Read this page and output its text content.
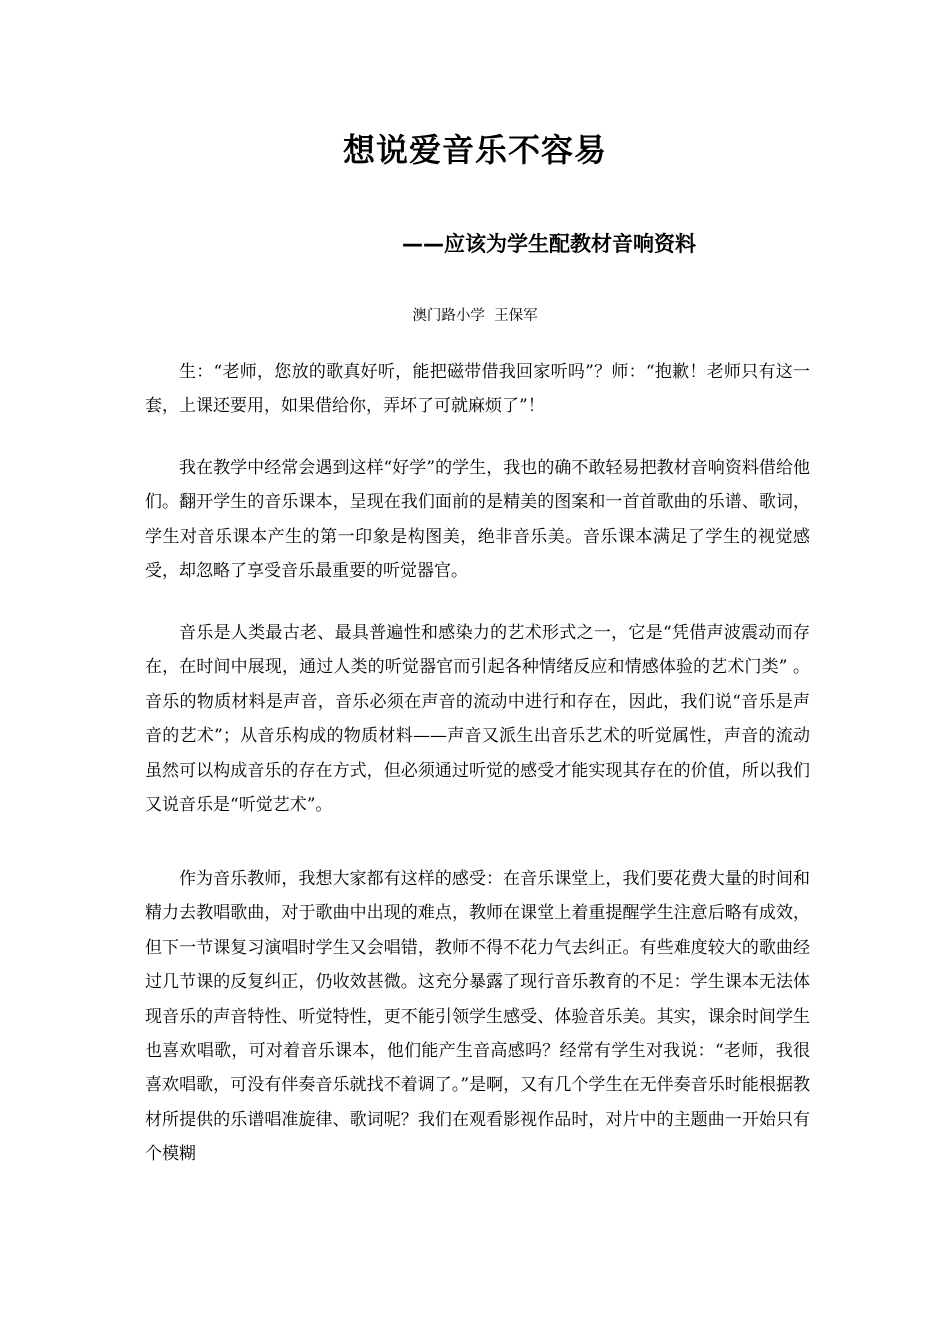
想说爱音乐不容易
——应该为学生配教材音响资料
澳门路小学  王保军

生：“老师，您放的歌真好听，能把磁带借我回家听吗”？师：“抱歉！老师只有这一套，上课还要用，如果借给你，弄坏了可就麻烦了”！

我在教学中经常会遇到这样“好学”的学生，我也的确不敢轻易把教材音响资料借给他们。翻开学生的音乐课本，呈现在我们面前的是精美的图案和一首首歌曲的乐谱、歌词，学生对音乐课本产生的第一印象是构图美，绝非音乐美。音乐课本满足了学生的视觉感受，却忽略了享受音乐最重要的听觉器官。

音乐是人类最古老、最具普遍性和感染力的艺术形式之一，它是“凭借声波震动而存在，在时间中展现，通过人类的听觉器官而引起各种情绪反应和情感体验的艺术门类” 。音乐的物质材料是声音，音乐必须在声音的流动中进行和存在，因此，我们说“音乐是声音的艺术”；从音乐构成的物质材料——声音又派生出音乐艺术的听觉属性，声音的流动虽然可以构成音乐的存在方式，但必须通过听觉的感受才能实现其存在的价值，所以我们又说音乐是“听觉艺术”。

作为音乐教师，我想大家都有这样的感受：在音乐课堂上，我们要花费大量的时间和精力去教唱歌曲，对于歌曲中出现的难点，教师在课堂上着重提醒学生注意后略有成效，但下一节课复习演唱时学生又会唱错，教师不得不花力气去纠正。有些难度较大的歌曲经过几节课的反复纠正，仍收效甚微。这充分暴露了现行音乐教育的不足：学生课本无法体现音乐的声音特性、听觉特性，更不能引领学生感受、体验音乐美。其实，课余时间学生也喜欢唱歌，可对着音乐课本，他们能产生音高感吗？经常有学生对我说：“老师，我很喜欢唱歌，可没有伴奏音乐就找不着调了。”是啊，又有几个学生在无伴奏音乐时能根据教材所提供的乐谱唱准旋律、歌词呢？我们在观看影视作品时，对片中的主题曲一开始只有个模糊
